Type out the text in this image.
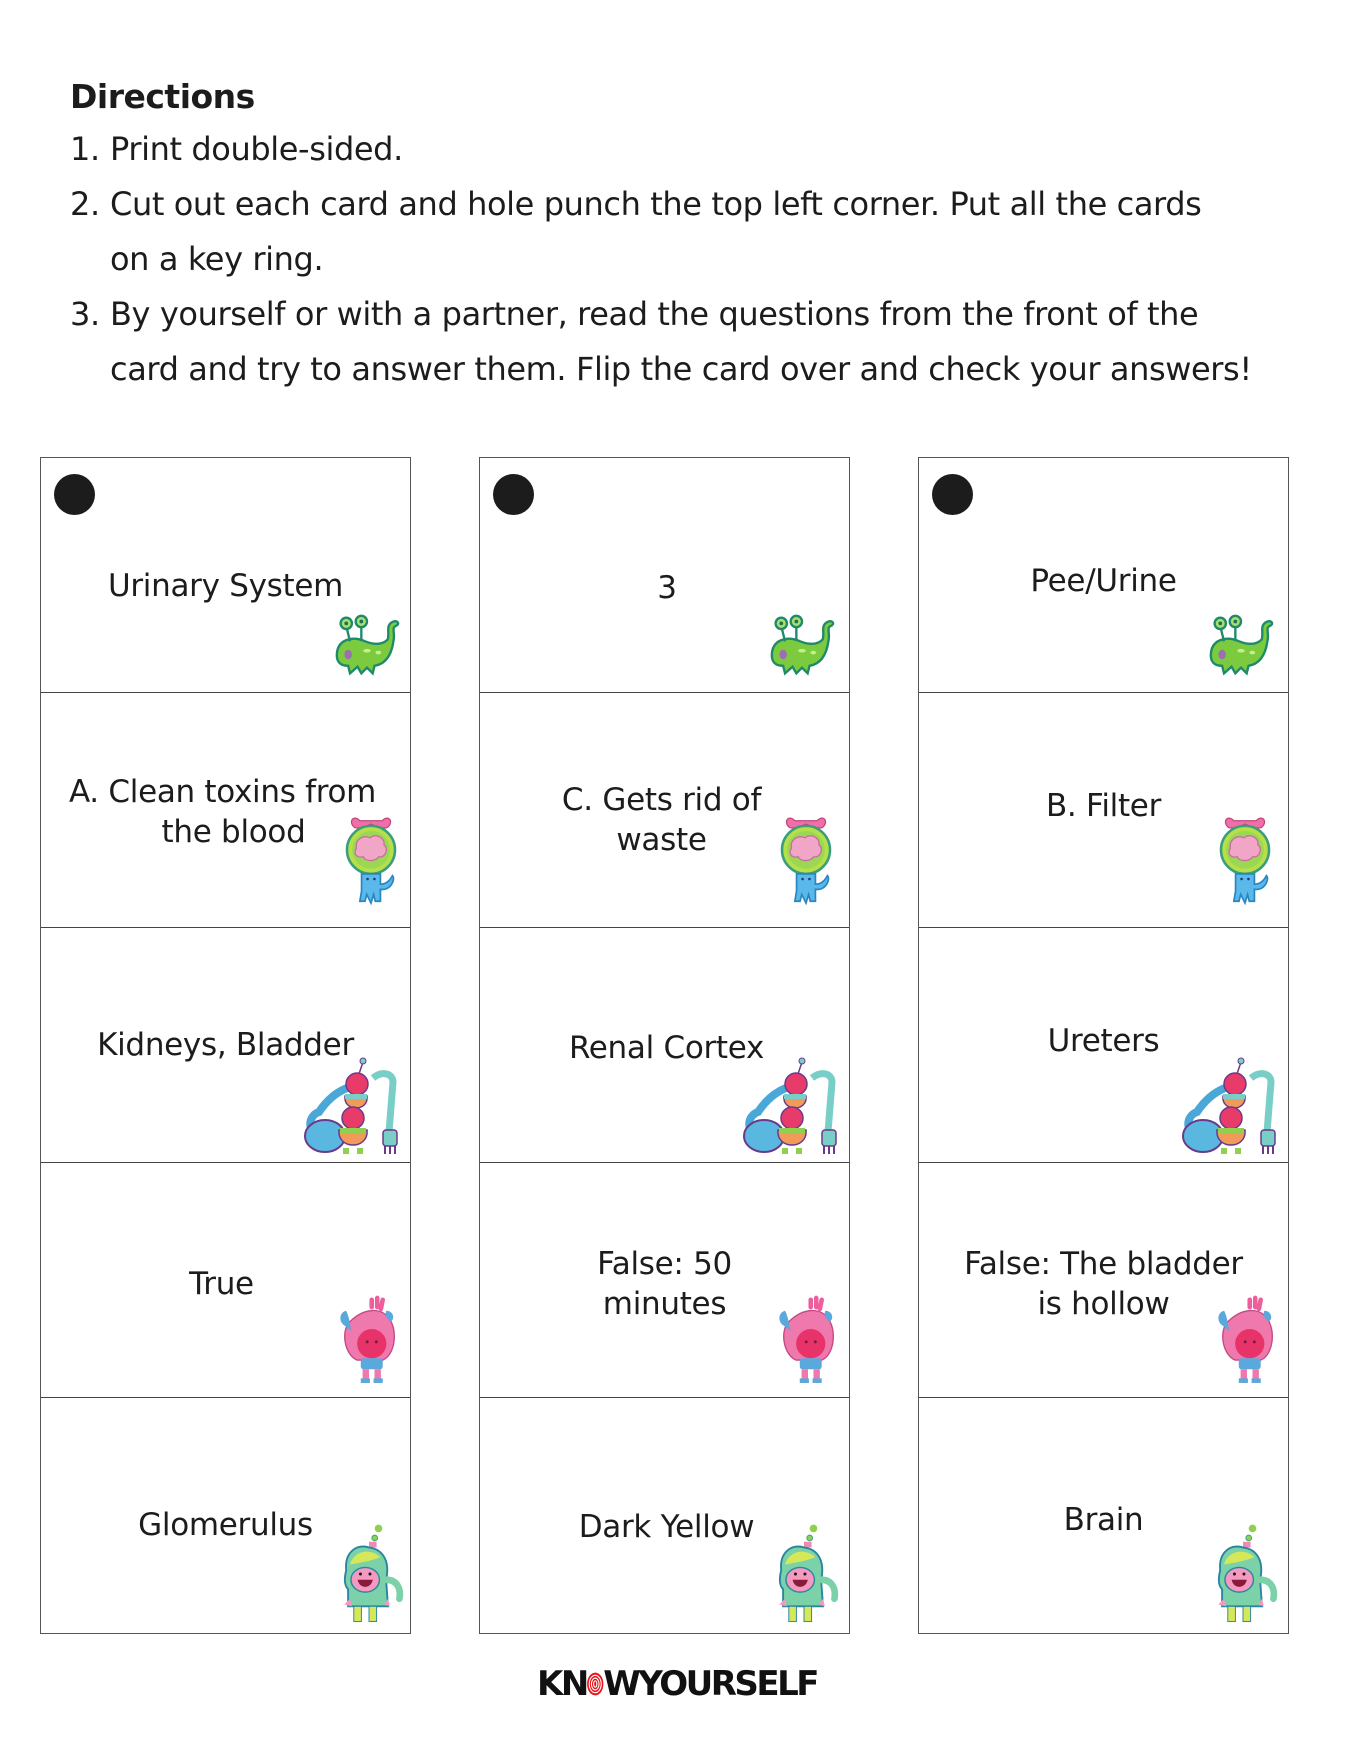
Directions
1. Print double-sided.
2. Cut out each card and hole punch the top left corner. Put all the cards
on a key ring.
3. By yourself or with a partner, read the questions from the front of the
card and try to answer them. Flip the card over and check your answers!
Urinary System
A. Clean toxins from
the blood
Kidneys, Bladder
True
Glomerulus
3
C. Gets rid of
waste
Renal Cortex
False: 50
minutes
Dark Yellow
Pee/Urine
B. Filter
Ureters
False: The bladder
is hollow
Brain
KN WYOURSELF
